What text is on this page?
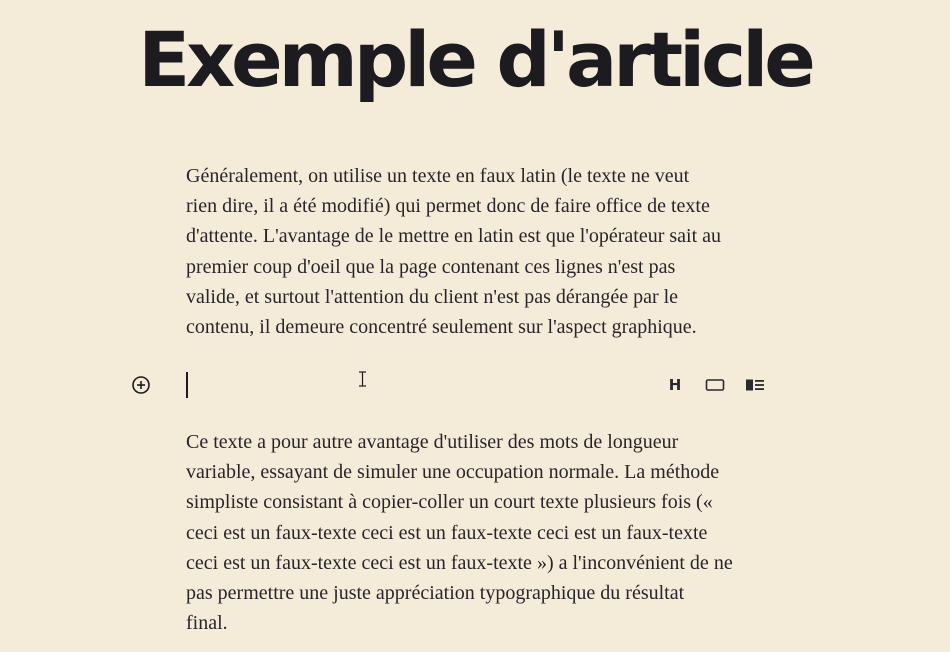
Exemple d'article

Généralement, on utilise un texte en faux latin (le texte ne veut
rien dire, il a été modifié) qui permet donc de faire office de texte
d'attente. L'avantage de le mettre en latin est que l'opérateur sait au
premier coup d'oeil que la page contenant ces lignes n'est pas
valide, et surtout l'attention du client n'est pas dérangée par le
contenu, il demeure concentré seulement sur l'aspect graphique.

H

Ce texte a pour autre avantage d'utiliser des mots de longueur
variable, essayant de simuler une occupation normale. La méthode
simpliste consistant à copier-coller un court texte plusieurs fois («
ceci est un faux-texte ceci est un faux-texte ceci est un faux-texte
ceci est un faux-texte ceci est un faux-texte ») a l'inconvénient de ne
pas permettre une juste appréciation typographique du résultat
final.
